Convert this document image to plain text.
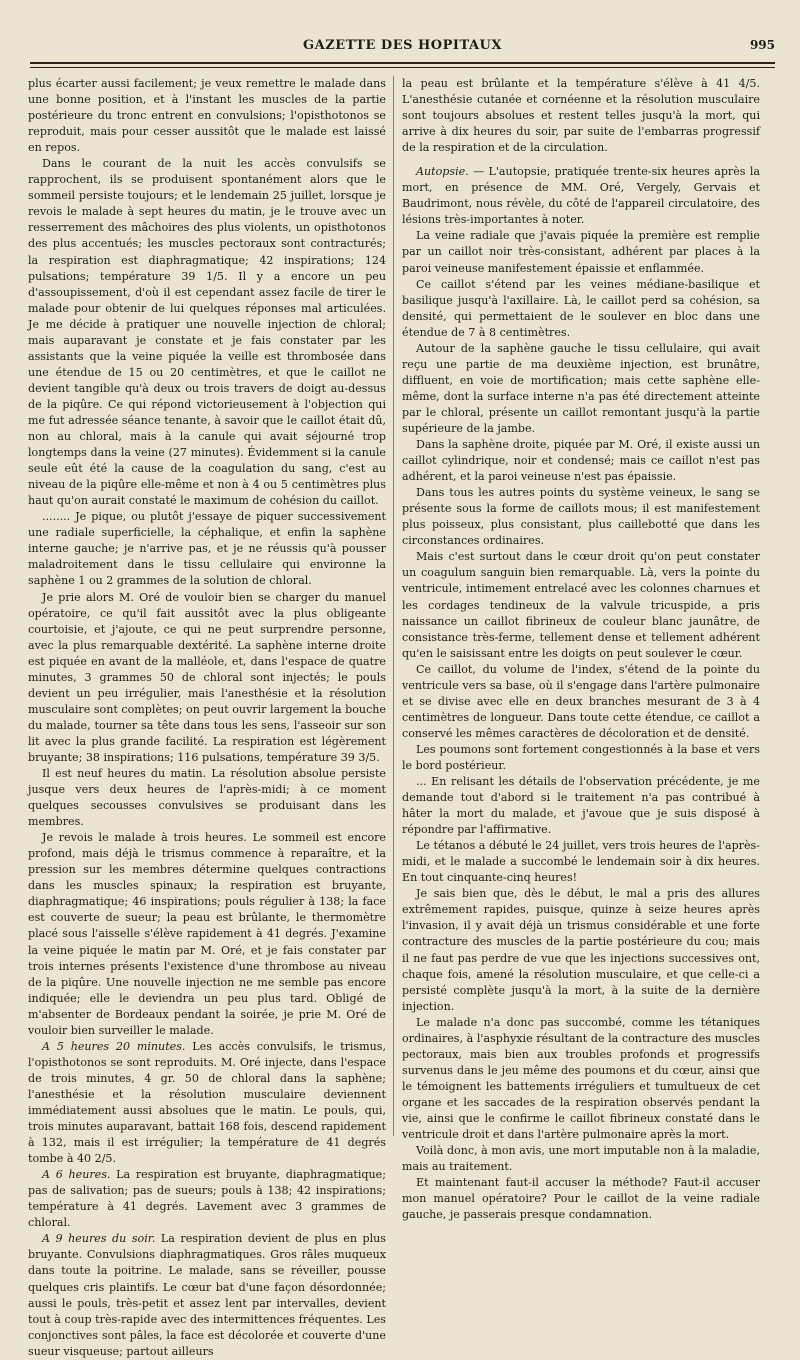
GAZETTE DES HOPITAUX	995

plus écarter aussi facilement; je veux remettre le malade dans une bonne position, et à l'instant les muscles de la partie postérieure du tronc entrent en convulsions; l'opisthotonos se reproduit, mais pour cesser aussitôt que le malade est laissé en repos.

Dans le courant de la nuit les accès convulsifs se rapprochent, ils se produisent spontanément alors que le sommeil persiste toujours; et le lendemain 25 juillet, lorsque je revois le malade à sept heures du matin, je le trouve avec un resserrement des mâchoires des plus violents, un opisthotonos des plus accentués; les muscles pectoraux sont contracturés; la respiration est diaphragmatique; 42 inspirations; 124 pulsations; température 39 1/5. Il y a encore un peu d'assoupissement, d'où il est cependant assez facile de tirer le malade pour obtenir de lui quelques réponses mal articulées. Je me décide à pratiquer une nouvelle injection de chloral; mais auparavant je constate et je fais constater par les assistants que la veine piquée la veille est thrombosée dans une étendue de 15 ou 20 centimètres, et que le caillot ne devient tangible qu'à deux ou trois travers de doigt au-dessus de la piqûre. Ce qui répond victorieusement à l'objection qui me fut adressée séance tenante, à savoir que le caillot était dû, non au chloral, mais à la canule qui avait séjourné trop longtemps dans la veine (27 minutes). Évidemment si la canule seule eût été la cause de la coagulation du sang, c'est au niveau de la piqûre elle-même et non à 4 ou 5 centimètres plus haut qu'on aurait constaté le maximum de cohésion du caillot.

........ Je pique, ou plutôt j'essaye de piquer successivement une radiale superficielle, la céphalique, et enfin la saphène interne gauche; je n'arrive pas, et je ne réussis qu'à pousser maladroitement dans le tissu cellulaire qui environne la saphène 1 ou 2 grammes de la solution de chloral.

Je prie alors M. Oré de vouloir bien se charger du manuel opératoire, ce qu'il fait aussitôt avec la plus obligeante courtoisie, et j'ajoute, ce qui ne peut surprendre personne, avec la plus remarquable dextérité. La saphène interne droite est piquée en avant de la malléole, et, dans l'espace de quatre minutes, 3 grammes 50 de chloral sont injectés; le pouls devient un peu irrégulier, mais l'anesthésie et la résolution musculaire sont complètes; on peut ouvrir largement la bouche du malade, tourner sa tête dans tous les sens, l'asseoir sur son lit avec la plus grande facilité. La respiration est légèrement bruyante; 38 inspirations; 116 pulsations, température 39 3/5.

Il est neuf heures du matin. La résolution absolue persiste jusque vers deux heures de l'après-midi; à ce moment quelques secousses convulsives se produisant dans les membres.

Je revois le malade à trois heures. Le sommeil est encore profond, mais déjà le trismus commence à reparaître, et la pression sur les membres détermine quelques contractions dans les muscles spinaux; la respiration est bruyante, diaphragmatique; 46 inspirations; pouls régulier à 138; la face est couverte de sueur; la peau est brûlante, le thermomètre placé sous l'aisselle s'élève rapidement à 41 degrés. J'examine la veine piquée le matin par M. Oré, et je fais constater par trois internes présents l'existence d'une thrombose au niveau de la piqûre. Une nouvelle injection ne me semble pas encore indiquée; elle le deviendra un peu plus tard. Obligé de m'absenter de Bordeaux pendant la soirée, je prie M. Oré de vouloir bien surveiller le malade.

A 5 heures 20 minutes. Les accès convulsifs, le trismus, l'opisthotonos se sont reproduits. M. Oré injecte, dans l'espace de trois minutes, 4 gr. 50 de chloral dans la saphène; l'anesthésie et la résolution musculaire deviennent immédiatement aussi absolues que le matin. Le pouls, qui, trois minutes auparavant, battait 168 fois, descend rapidement à 132, mais il est irrégulier; la température de 41 degrés tombe à 40 2/5.

A 6 heures. La respiration est bruyante, diaphragmatique; pas de salivation; pas de sueurs; pouls à 138; 42 inspirations; température à 41 degrés. Lavement avec 3 grammes de chloral.

A 9 heures du soir. La respiration devient de plus en plus bruyante. Convulsions diaphragmatiques. Gros râles muqueux dans toute la poitrine. Le malade, sans se réveiller, pousse quelques cris plaintifs. Le cœur bat d'une façon désordonnée; aussi le pouls, très-petit et assez lent par intervalles, devient tout à coup très-rapide avec des intermittences fréquentes. Les conjonctives sont pâles, la face est décolorée et couverte d'une sueur visqueuse; partout ailleurs

la peau est brûlante et la température s'élève à 41 4/5. L'anesthésie cutanée et cornéenne et la résolution musculaire sont toujours absolues et restent telles jusqu'à la mort, qui arrive à dix heures du soir, par suite de l'embarras progressif de la respiration et de la circulation.

Autopsie. — L'autopsie, pratiquée trente-six heures après la mort, en présence de MM. Oré, Vergely, Gervais et Baudrimont, nous révèle, du côté de l'appareil circulatoire, des lésions très-importantes à noter.

La veine radiale que j'avais piquée la première est remplie par un caillot noir très-consistant, adhérent par places à la paroi veineuse manifestement épaissie et enflammée.

Ce caillot s'étend par les veines médiane-basilique et basilique jusqu'à l'axillaire. Là, le caillot perd sa cohésion, sa densité, qui permettaient de le soulever en bloc dans une étendue de 7 à 8 centimètres.

Autour de la saphène gauche le tissu cellulaire, qui avait reçu une partie de ma deuxième injection, est brunâtre, diffluent, en voie de mortification; mais cette saphène elle-même, dont la surface interne n'a pas été directement atteinte par le chloral, présente un caillot remontant jusqu'à la partie supérieure de la jambe.

Dans la saphène droite, piquée par M. Oré, il existe aussi un caillot cylindrique, noir et condensé; mais ce caillot n'est pas adhérent, et la paroi veineuse n'est pas épaissie.

Dans tous les autres points du système veineux, le sang se présente sous la forme de caillots mous; il est manifestement plus poisseux, plus consistant, plus caillebotté que dans les circonstances ordinaires.

Mais c'est surtout dans le cœur droit qu'on peut constater un coagulum sanguin bien remarquable. Là, vers la pointe du ventricule, intimement entrelacé avec les colonnes charnues et les cordages tendineux de la valvule tricuspide, a pris naissance un caillot fibrineux de couleur blanc jaunâtre, de consistance très-ferme, tellement dense et tellement adhérent qu'en le saisissant entre les doigts on peut soulever le cœur.

Ce caillot, du volume de l'index, s'étend de la pointe du ventricule vers sa base, où il s'engage dans l'artère pulmonaire et se divise avec elle en deux branches mesurant de 3 à 4 centimètres de longueur. Dans toute cette étendue, ce caillot a conservé les mêmes caractères de décoloration et de densité.

Les poumons sont fortement congestionnés à la base et vers le bord postérieur.

... En relisant les détails de l'observation précédente, je me demande tout d'abord si le traitement n'a pas contribué à hâter la mort du malade, et j'avoue que je suis disposé à répondre par l'affirmative.

Le tétanos a débuté le 24 juillet, vers trois heures de l'après-midi, et le malade a succombé le lendemain soir à dix heures. En tout cinquante-cinq heures!

Je sais bien que, dès le début, le mal a pris des allures extrêmement rapides, puisque, quinze à seize heures après l'invasion, il y avait déjà un trismus considérable et une forte contracture des muscles de la partie postérieure du cou; mais il ne faut pas perdre de vue que les injections successives ont, chaque fois, amené la résolution musculaire, et que celle-ci a persisté complète jusqu'à la mort, à la suite de la dernière injection.

Le malade n'a donc pas succombé, comme les tétaniques ordinaires, à l'asphyxie résultant de la contracture des muscles pectoraux, mais bien aux troubles profonds et progressifs survenus dans le jeu même des poumons et du cœur, ainsi que le témoignent les battements irréguliers et tumultueux de cet organe et les saccades de la respiration observés pendant la vie, ainsi que le confirme le caillot fibrineux constaté dans le ventricule droit et dans l'artère pulmonaire après la mort.

Voilà donc, à mon avis, une mort imputable non à la maladie, mais au traitement.

Et maintenant faut-il accuser la méthode? Faut-il accuser mon manuel opératoire? Pour le caillot de la veine radiale gauche, je passerais presque condamnation.
